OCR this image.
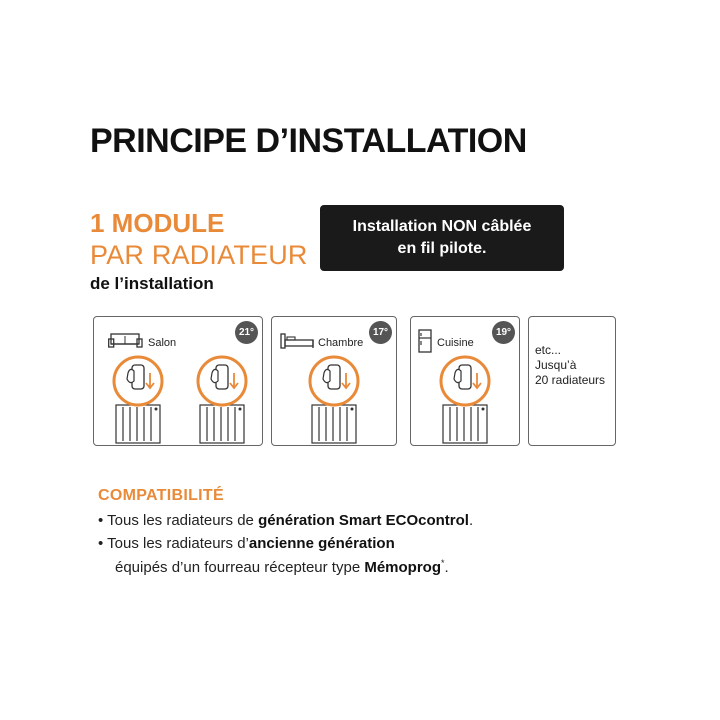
PRINCIPE D’INSTALLATION
1 MODULE
PAR RADIATEUR
de l’installation
Installation NON câblée
en fil pilote.
Salon
21°
Chambre
17°
Cuisine
19°
etc...
Jusqu’à
20 radiateurs
COMPATIBILITÉ
• Tous les radiateurs de génération Smart ECOcontrol.
• Tous les radiateurs d’ancienne génération
équipés d’un fourreau récepteur type Mémoprog*.
